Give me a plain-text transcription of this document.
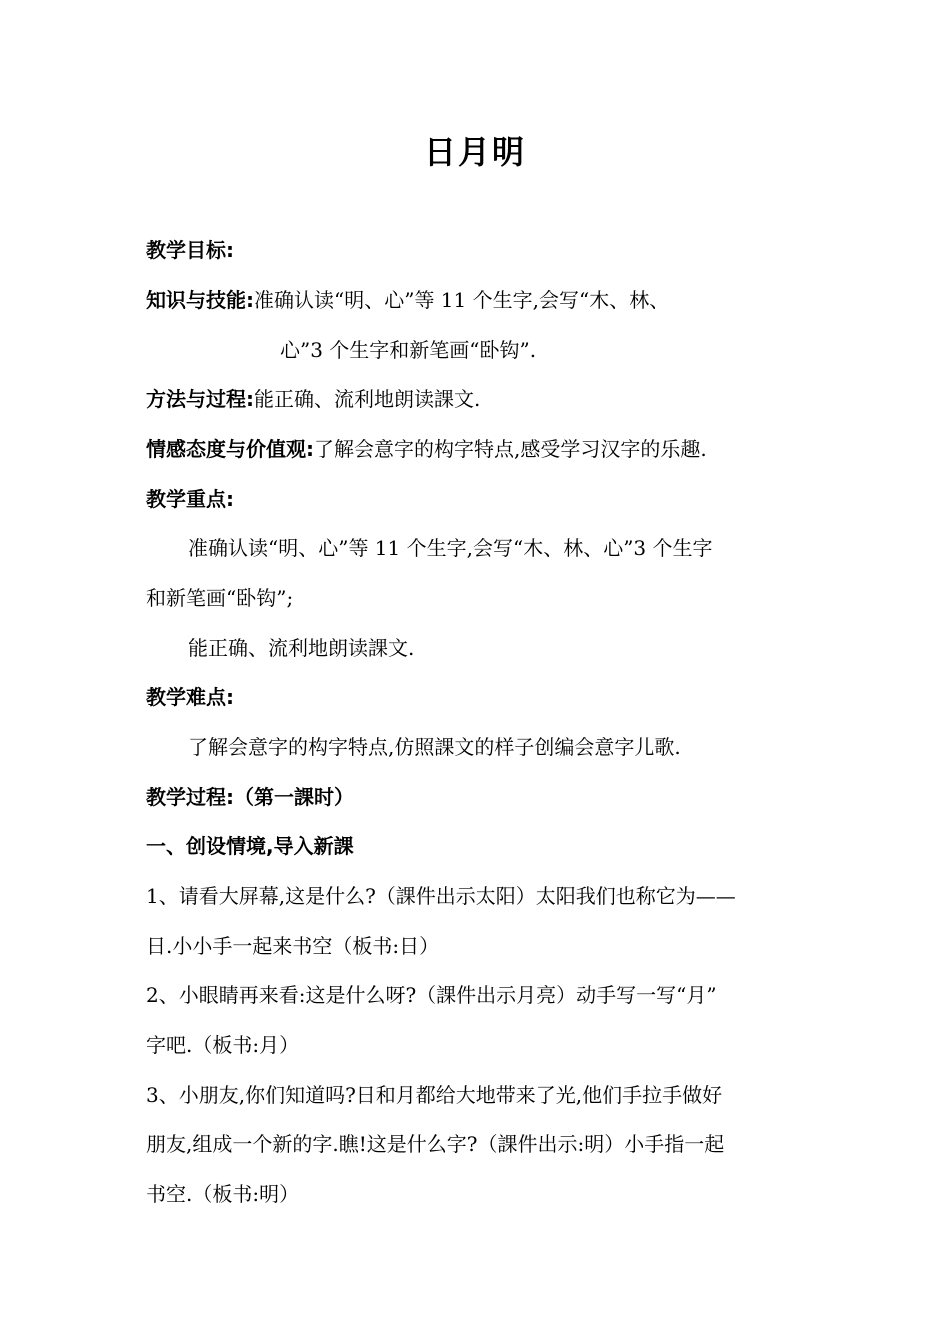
日月明
教学目标:
知识与技能:准确认读“明、心”等 11 个生字,会写“木、林、
心”3 个生字和新笔画“卧钩”.
方法与过程:能正确、流利地朗读課文.
情感态度与价值观:了解会意字的构字特点,感受学习汉字的乐趣.
教学重点:
准确认读“明、心”等 11 个生字,会写“木、林、心”3 个生字
和新笔画“卧钩”;
能正确、流利地朗读課文.
教学难点:
了解会意字的构字特点,仿照課文的样子创编会意字儿歌.
教学过程:（第一課时）
一、创设情境,导入新課
1、请看大屏幕,这是什么?（課件出示太阳）太阳我们也称它为——
日.小小手一起来书空（板书:日）
2、小眼睛再来看:这是什么呀?（課件出示月亮）动手写一写“月”
字吧.（板书:月）
3、小朋友,你们知道吗?日和月都给大地带来了光,他们手拉手做好
朋友,组成一个新的字.瞧!这是什么字?（課件出示:明）小手指一起
书空.（板书:明）
